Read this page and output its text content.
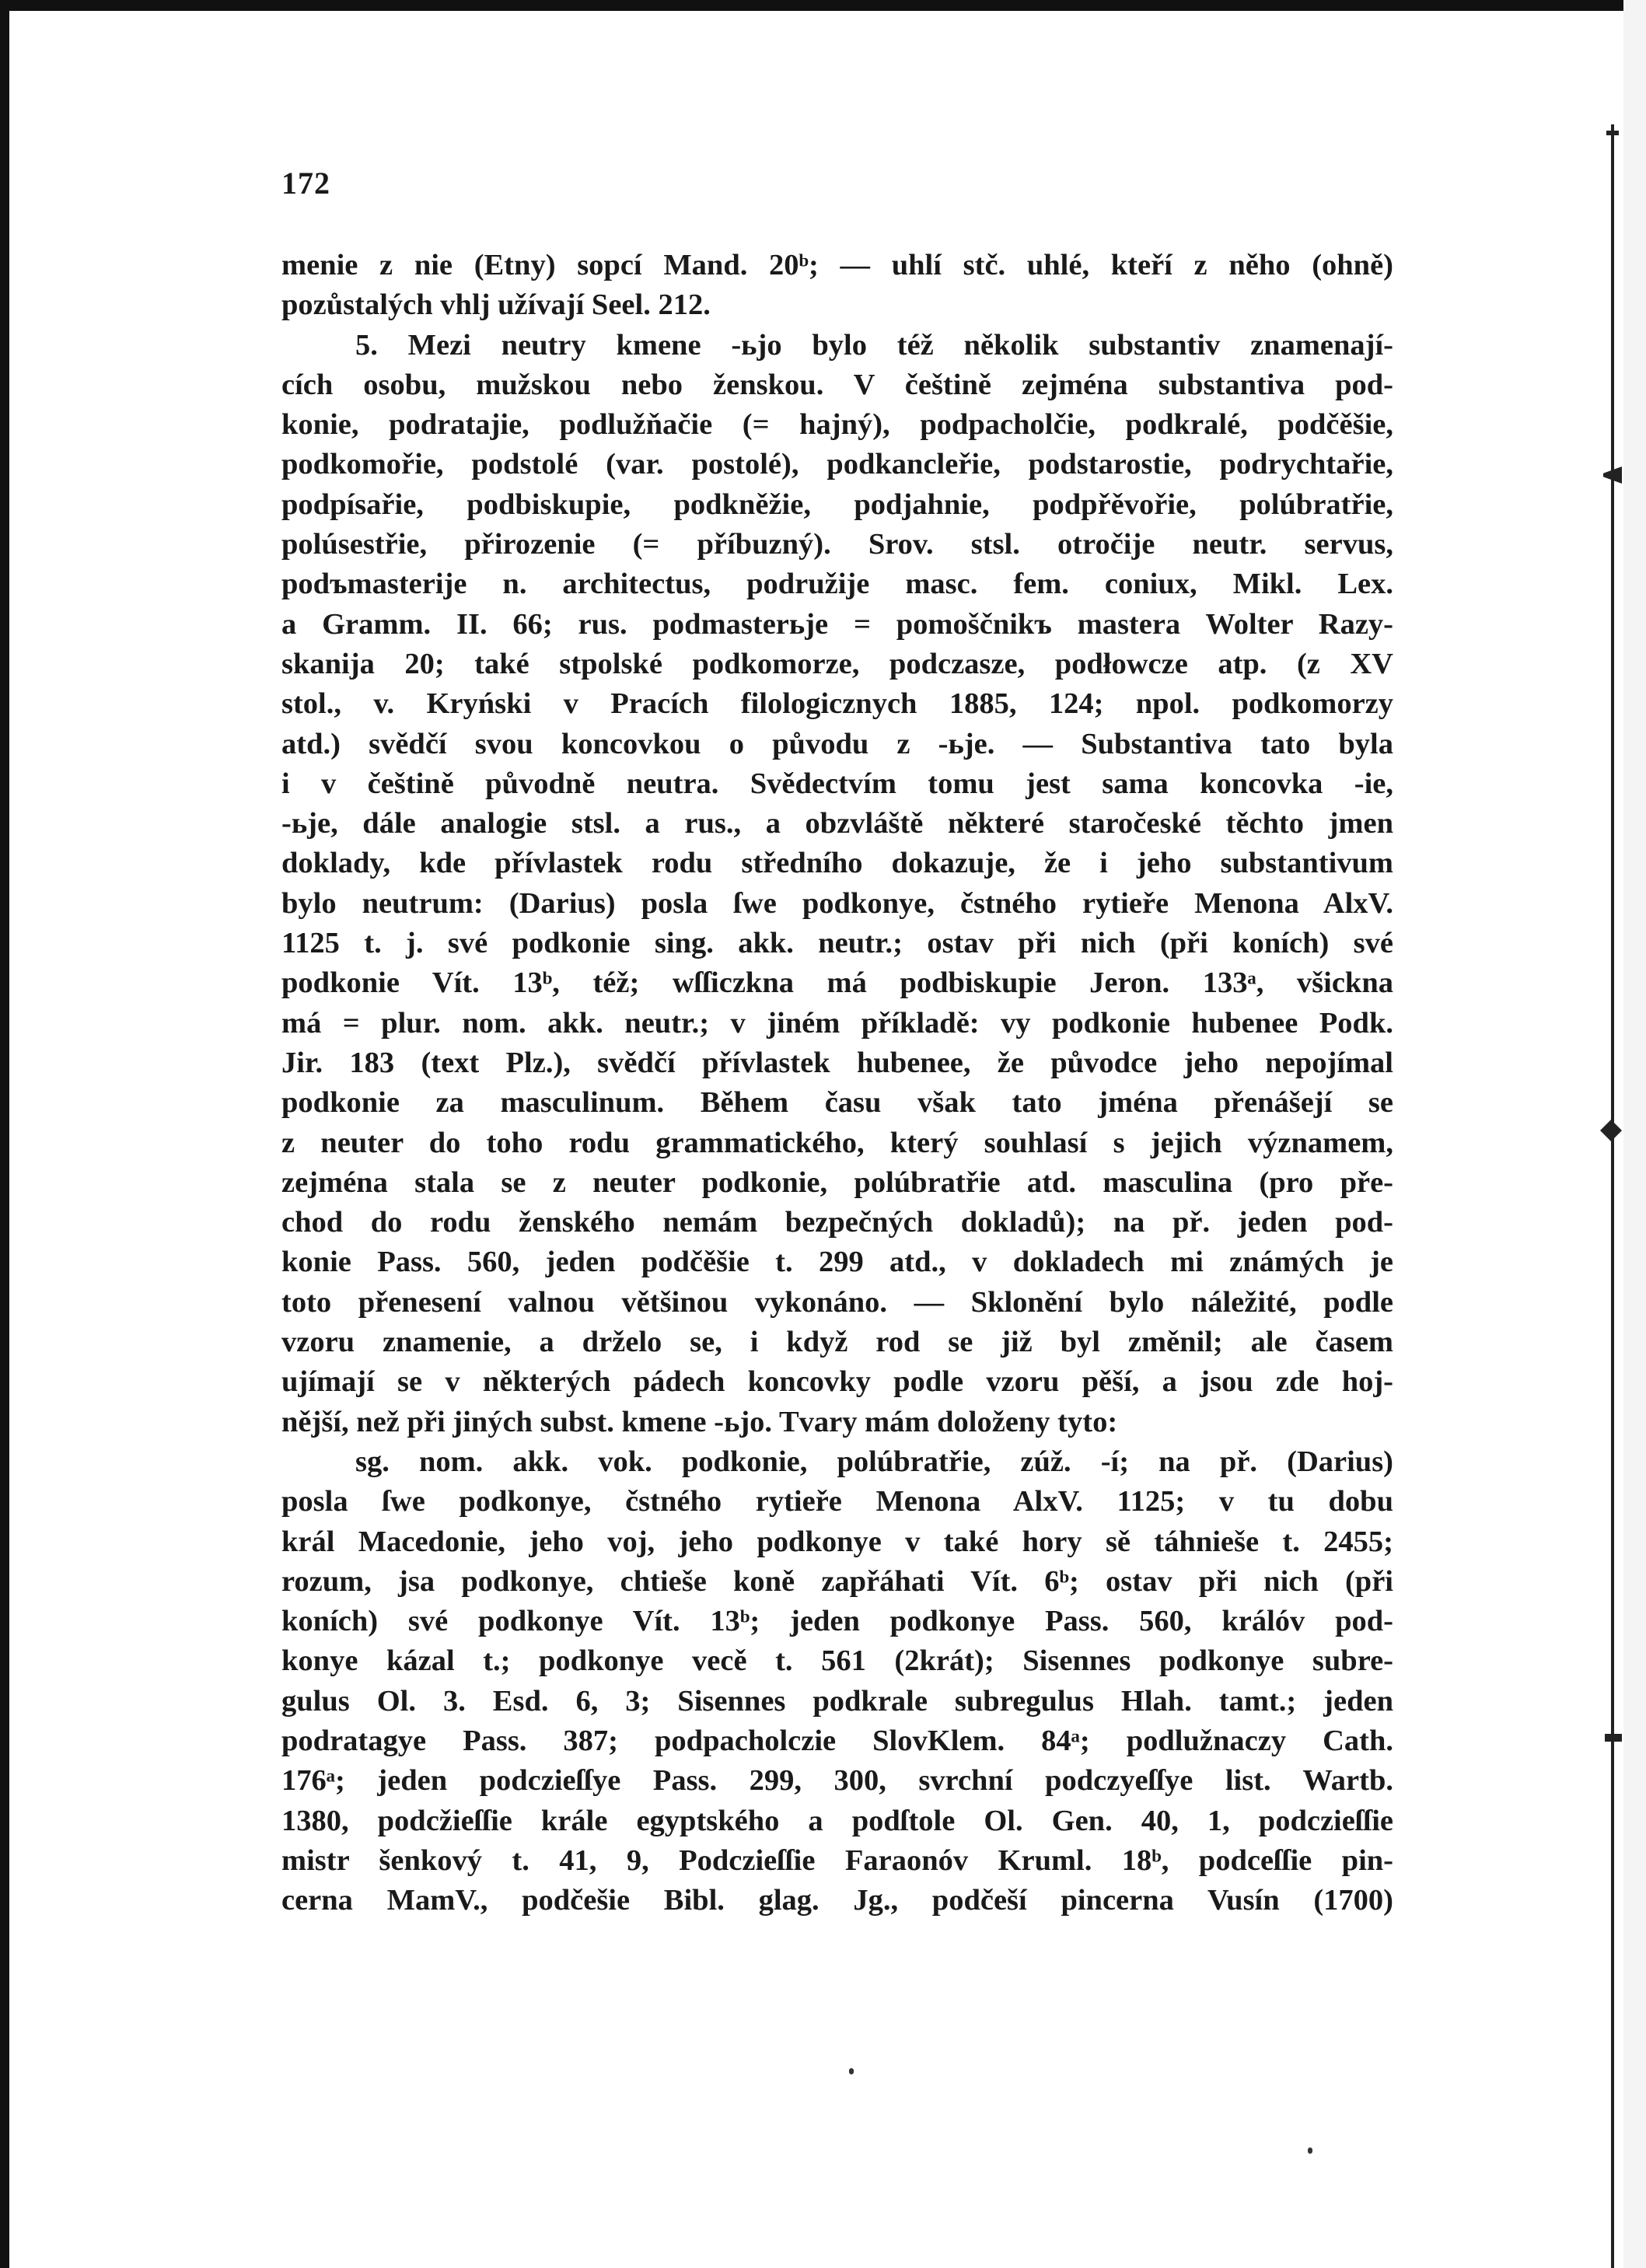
172
menie z nie (Etny) sopcí Mand. 20ᵇ; — uhlí stč. uhlé, kteří z něho (ohně)
pozůstalých vhlj užívají Seel. 212.
5. Mezi neutry kmene -ьjo bylo též několik substantiv znamenají-
cích osobu, mužskou nebo ženskou. V češtině zejména substantiva pod-
konie, podratajie, podlužňačie (= hajný), podpacholčie, podkralé, podčěšie,
podkomořie, podstolé (var. postolé), podkanclеřie, podstarostie, podrychtařie,
podpísařie, podbiskupie, podkněžie, podjahnie, podpřěvořie, polúbratřie,
polúsestřie, přirozenie (= příbuzný). Srov. stsl. otročije neutr. servus,
podъmasterije n. architectus, podružije masc. fem. coniux, Mikl. Lex.
a Gramm. II. 66; rus. podmasterьje = pomoščnikъ mastera Wolter Razy-
skanija 20; také stpolské podkomorze, podczasze, podłowcze atp. (z XV
stol., v. Kryński v Pracích filologicznych 1885, 124; npol. podkomorzy
atd.) svědčí svou koncovkou o původu z -ьje. — Substantiva tato byla
i v češtině původně neutra. Svědectvím tomu jest sama koncovka -ie,
-ьje, dále analogie stsl. a rus., a obzvláště některé staročeské těchto jmen
doklady, kde přívlastek rodu středního dokazuje, že i jeho substantivum
bylo neutrum: (Darius) posla ſwe podkonye, čstného rytieře Menona AlxV.
1125 t. j. své podkonie sing. akk. neutr.; ostav při nich (při koních) své
podkonie Vít. 13ᵇ, též; wſſiczkna má podbiskupie Jeron. 133ᵃ, všickna
má = plur. nom. akk. neutr.; v jiném příkladě: vy podkonie hubenee Podk.
Jir. 183 (text Plz.), svědčí přívlastek hubenee, že původce jeho nepojímal
podkonie za masculinum. Během času však tato jména přenášejí se
z neuter do toho rodu grammatického, který souhlasí s jejich významem,
zejména stala se z neuter podkonie, polúbratřie atd. masculina (pro pře-
chod do rodu ženského nemám bezpečných dokladů); na př. jeden pod-
konie Pass. 560, jeden podčěšie t. 299 atd., v dokladech mi známých je
toto přenesení valnou většinou vykonáno. — Sklonění bylo náležité, podle
vzoru znamenie, a drželo se, i když rod se již byl změnil; ale časem
ujímají se v některých pádech koncovky podle vzoru pěší, a jsou zde hoj-
nější, než při jiných subst. kmene -ьjo. Tvary mám doloženy tyto:
sg. nom. akk. vok. podkonie, polúbratřie, zúž. -í; na př. (Darius)
posla ſwe podkonye, čstného rytieře Menona AlxV. 1125; v tu dobu
král Macedonie, jeho voj, jeho podkonye v také hory sě táhnieše t. 2455;
rozum, jsa podkonye, chtieše koně zapřáhati Vít. 6ᵇ; ostav při nich (při
koních) své podkonye Vít. 13ᵇ; jeden podkonye Pass. 560, králóv pod-
konye kázal t.; podkonye vecě t. 561 (2krát); Sisennes podkonye subre-
gulus Ol. 3. Esd. 6, 3; Sisennes podkrale subregulus Hlah. tamt.; jeden
podratagye Pass. 387; podpacholczie SlovKlem. 84ᵃ; podlužnaczy Cath.
176ᵃ; jeden podcziеſſye Pass. 299, 300, svrchní podczyeſſye list. Wartb.
1380, podcžieſſie krále egyptského a podſtole Ol. Gen. 40, 1, podczieſſie
mistr šenkový t. 41, 9, Podczieſſie Faraonóv Kruml. 18ᵇ, podceſſie pin-
cerna MamV., podčešie Bibl. glag. Jg., podčeší pincerna Vusín (1700)
